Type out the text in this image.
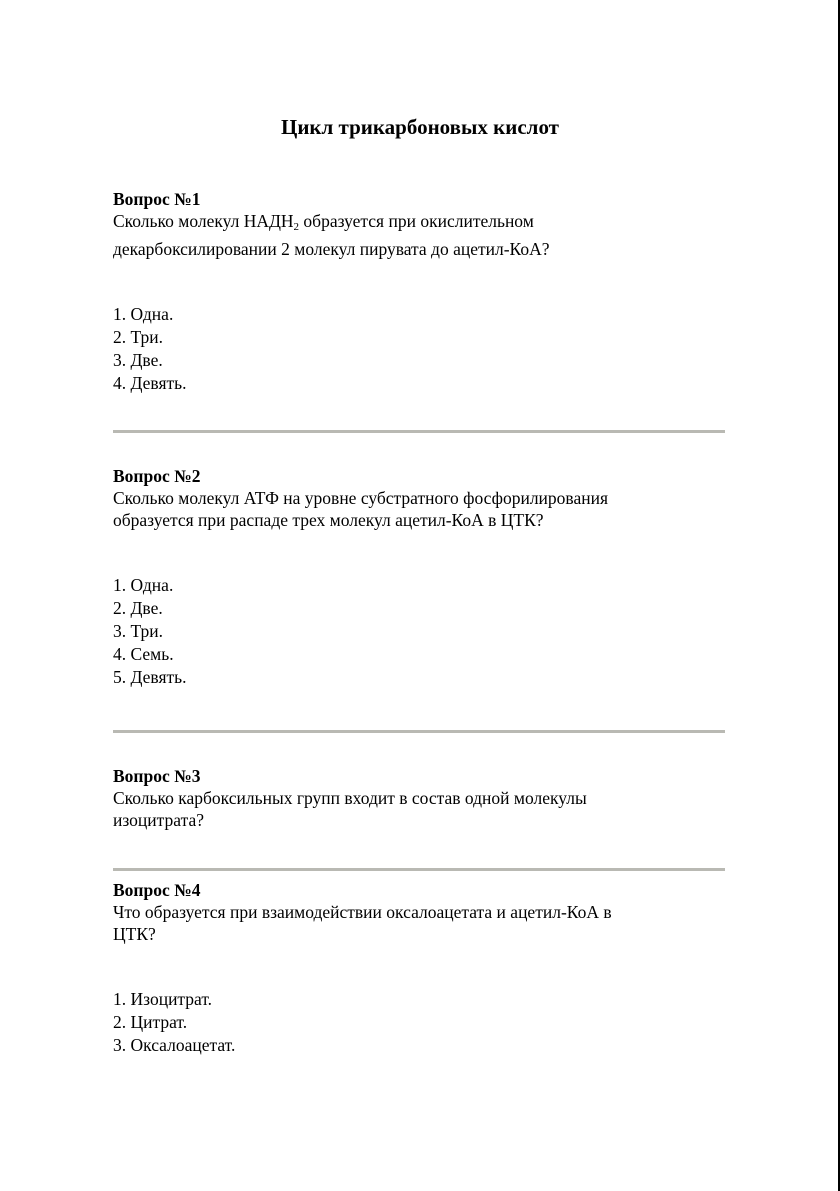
Цикл трикарбоновых кислот
Вопрос №1
Сколько молекул $НАДН_2$ образуется при окислительном
декарбоксилировании 2 молекул пирувата до ацетил-КоА?
1. Одна.
2. Три.
3. Две.
4. Девять.
Вопрос №2
Сколько молекул АТФ на уровне субстратного фосфорилирования
образуется при распаде трех молекул ацетил-КоА в ЦТК?
1. Одна.
2. Две.
3. Три.
4. Семь.
5. Девять.
Вопрос №3
Сколько карбоксильных групп входит в состав одной молекулы
изоцитрата?
Вопрос №4
Что образуется при взаимодействии оксалоацетата и ацетил-КоА в
ЦТК?
1. Изоцитрат.
2. Цитрат.
3. Оксалоацетат.
